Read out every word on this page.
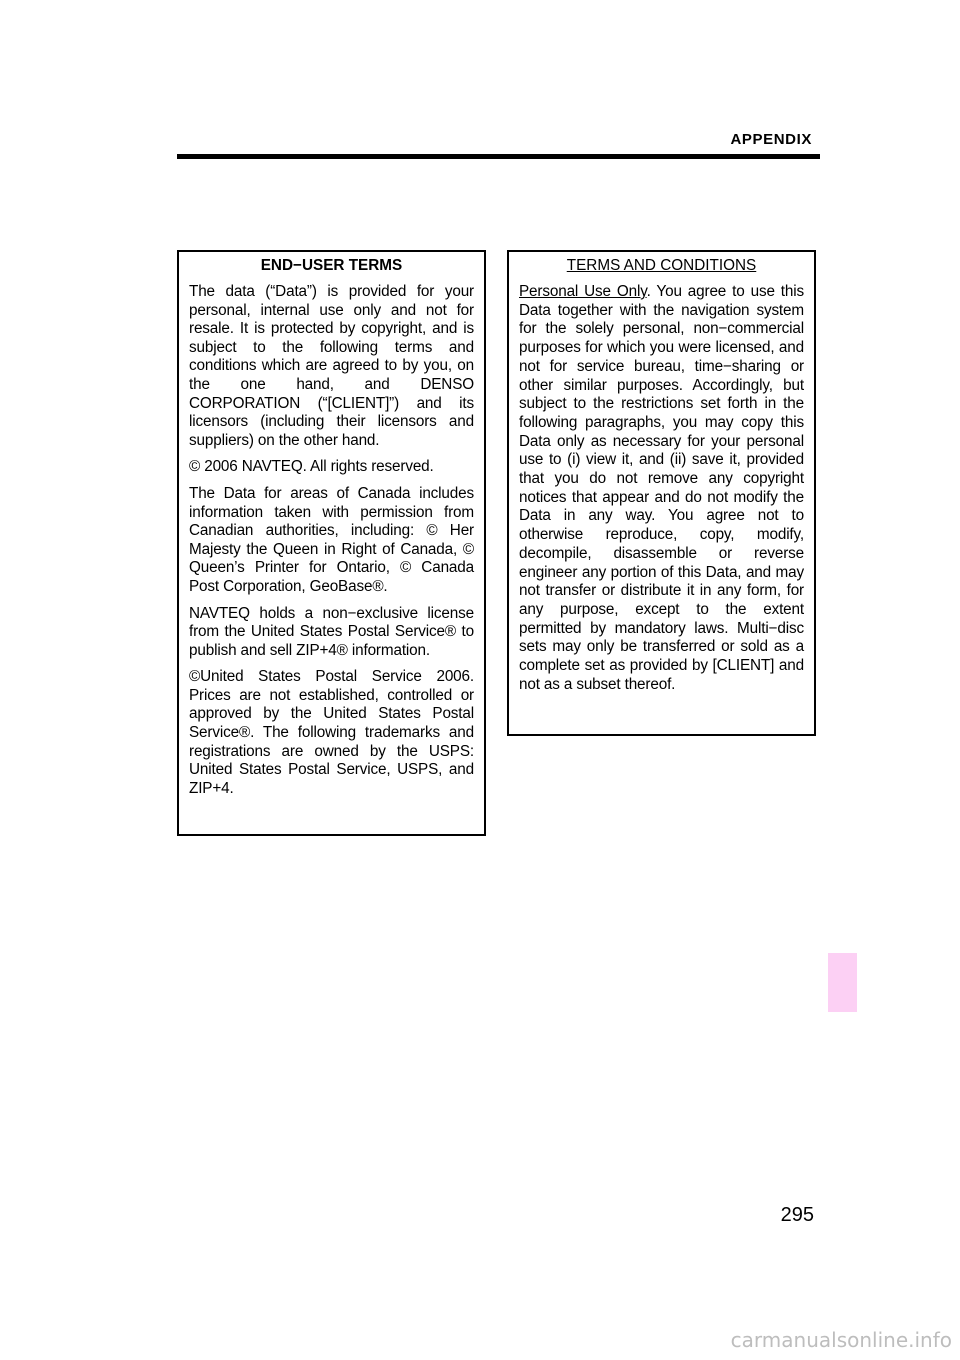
APPENDIX
END−USER TERMS

The data (“Data”) is provided for your personal, internal use only and not for resale. It is protected by copyright, and is subject to the following terms and conditions which are agreed to by you, on the one hand, and DENSO CORPORATION (“[CLIENT]”) and its licensors (including their licensors and suppliers) on the other hand.

© 2006 NAVTEQ. All rights reserved.

The Data for areas of Canada includes information taken with permission from Canadian authorities, including: © Her Majesty the Queen in Right of Canada, © Queen’s Printer for Ontario, © Canada Post Corporation, GeoBase®.

NAVTEQ holds a non−exclusive license from the United States Postal Service® to publish and sell ZIP+4® information.

©United States Postal Service 2006. Prices are not established, controlled or approved by the United States Postal Service®. The following trademarks and registrations are owned by the USPS: United States Postal Service, USPS, and ZIP+4.

TERMS AND CONDITIONS

Personal Use Only. You agree to use this Data together with the navigation system for the solely personal, non−commercial purposes for which you were licensed, and not for service bureau, time−sharing or other similar purposes. Accordingly, but subject to the restrictions set forth in the following paragraphs, you may copy this Data only as necessary for your personal use to (i) view it, and (ii) save it, provided that you do not remove any copyright notices that appear and do not modify the Data in any way. You agree not to otherwise reproduce, copy, modify, decompile, disassemble or reverse engineer any portion of this Data, and may not transfer or distribute it in any form, for any purpose, except to the extent permitted by mandatory laws. Multi−disc sets may only be transferred or sold as a complete set as provided by [CLIENT] and not as a subset thereof.

295
carmanualsonline.info
